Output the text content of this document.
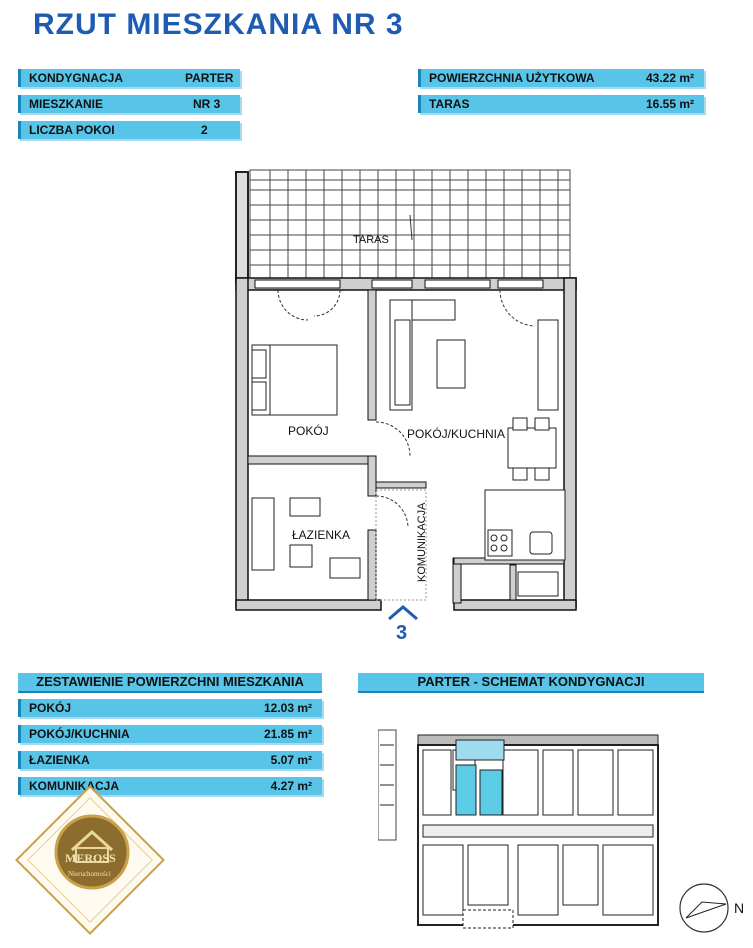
RZUT MIESZKANIA NR 3
KONDYGNACJA	PARTER
MIESZKANIE	NR 3
LICZBA POKOI	2
POWIERZCHNIA UŻYTKOWA	43.22 m²
TARAS	16.55 m²
TARAS
POKÓJ	POKÓJ/KUCHNIA
ŁAZIENKA	KOMUNIKACJA
3
ZESTAWIENIE POWIERZCHNI MIESZKANIA
POKÓJ	12.03 m²
POKÓJ/KUCHNIA	21.85 m²
ŁAZIENKA	5.07 m²
KOMUNIKACJA	4.27 m²
PARTER - SCHEMAT KONDYGNACJI
MEROSS
Nieruchomości
N
